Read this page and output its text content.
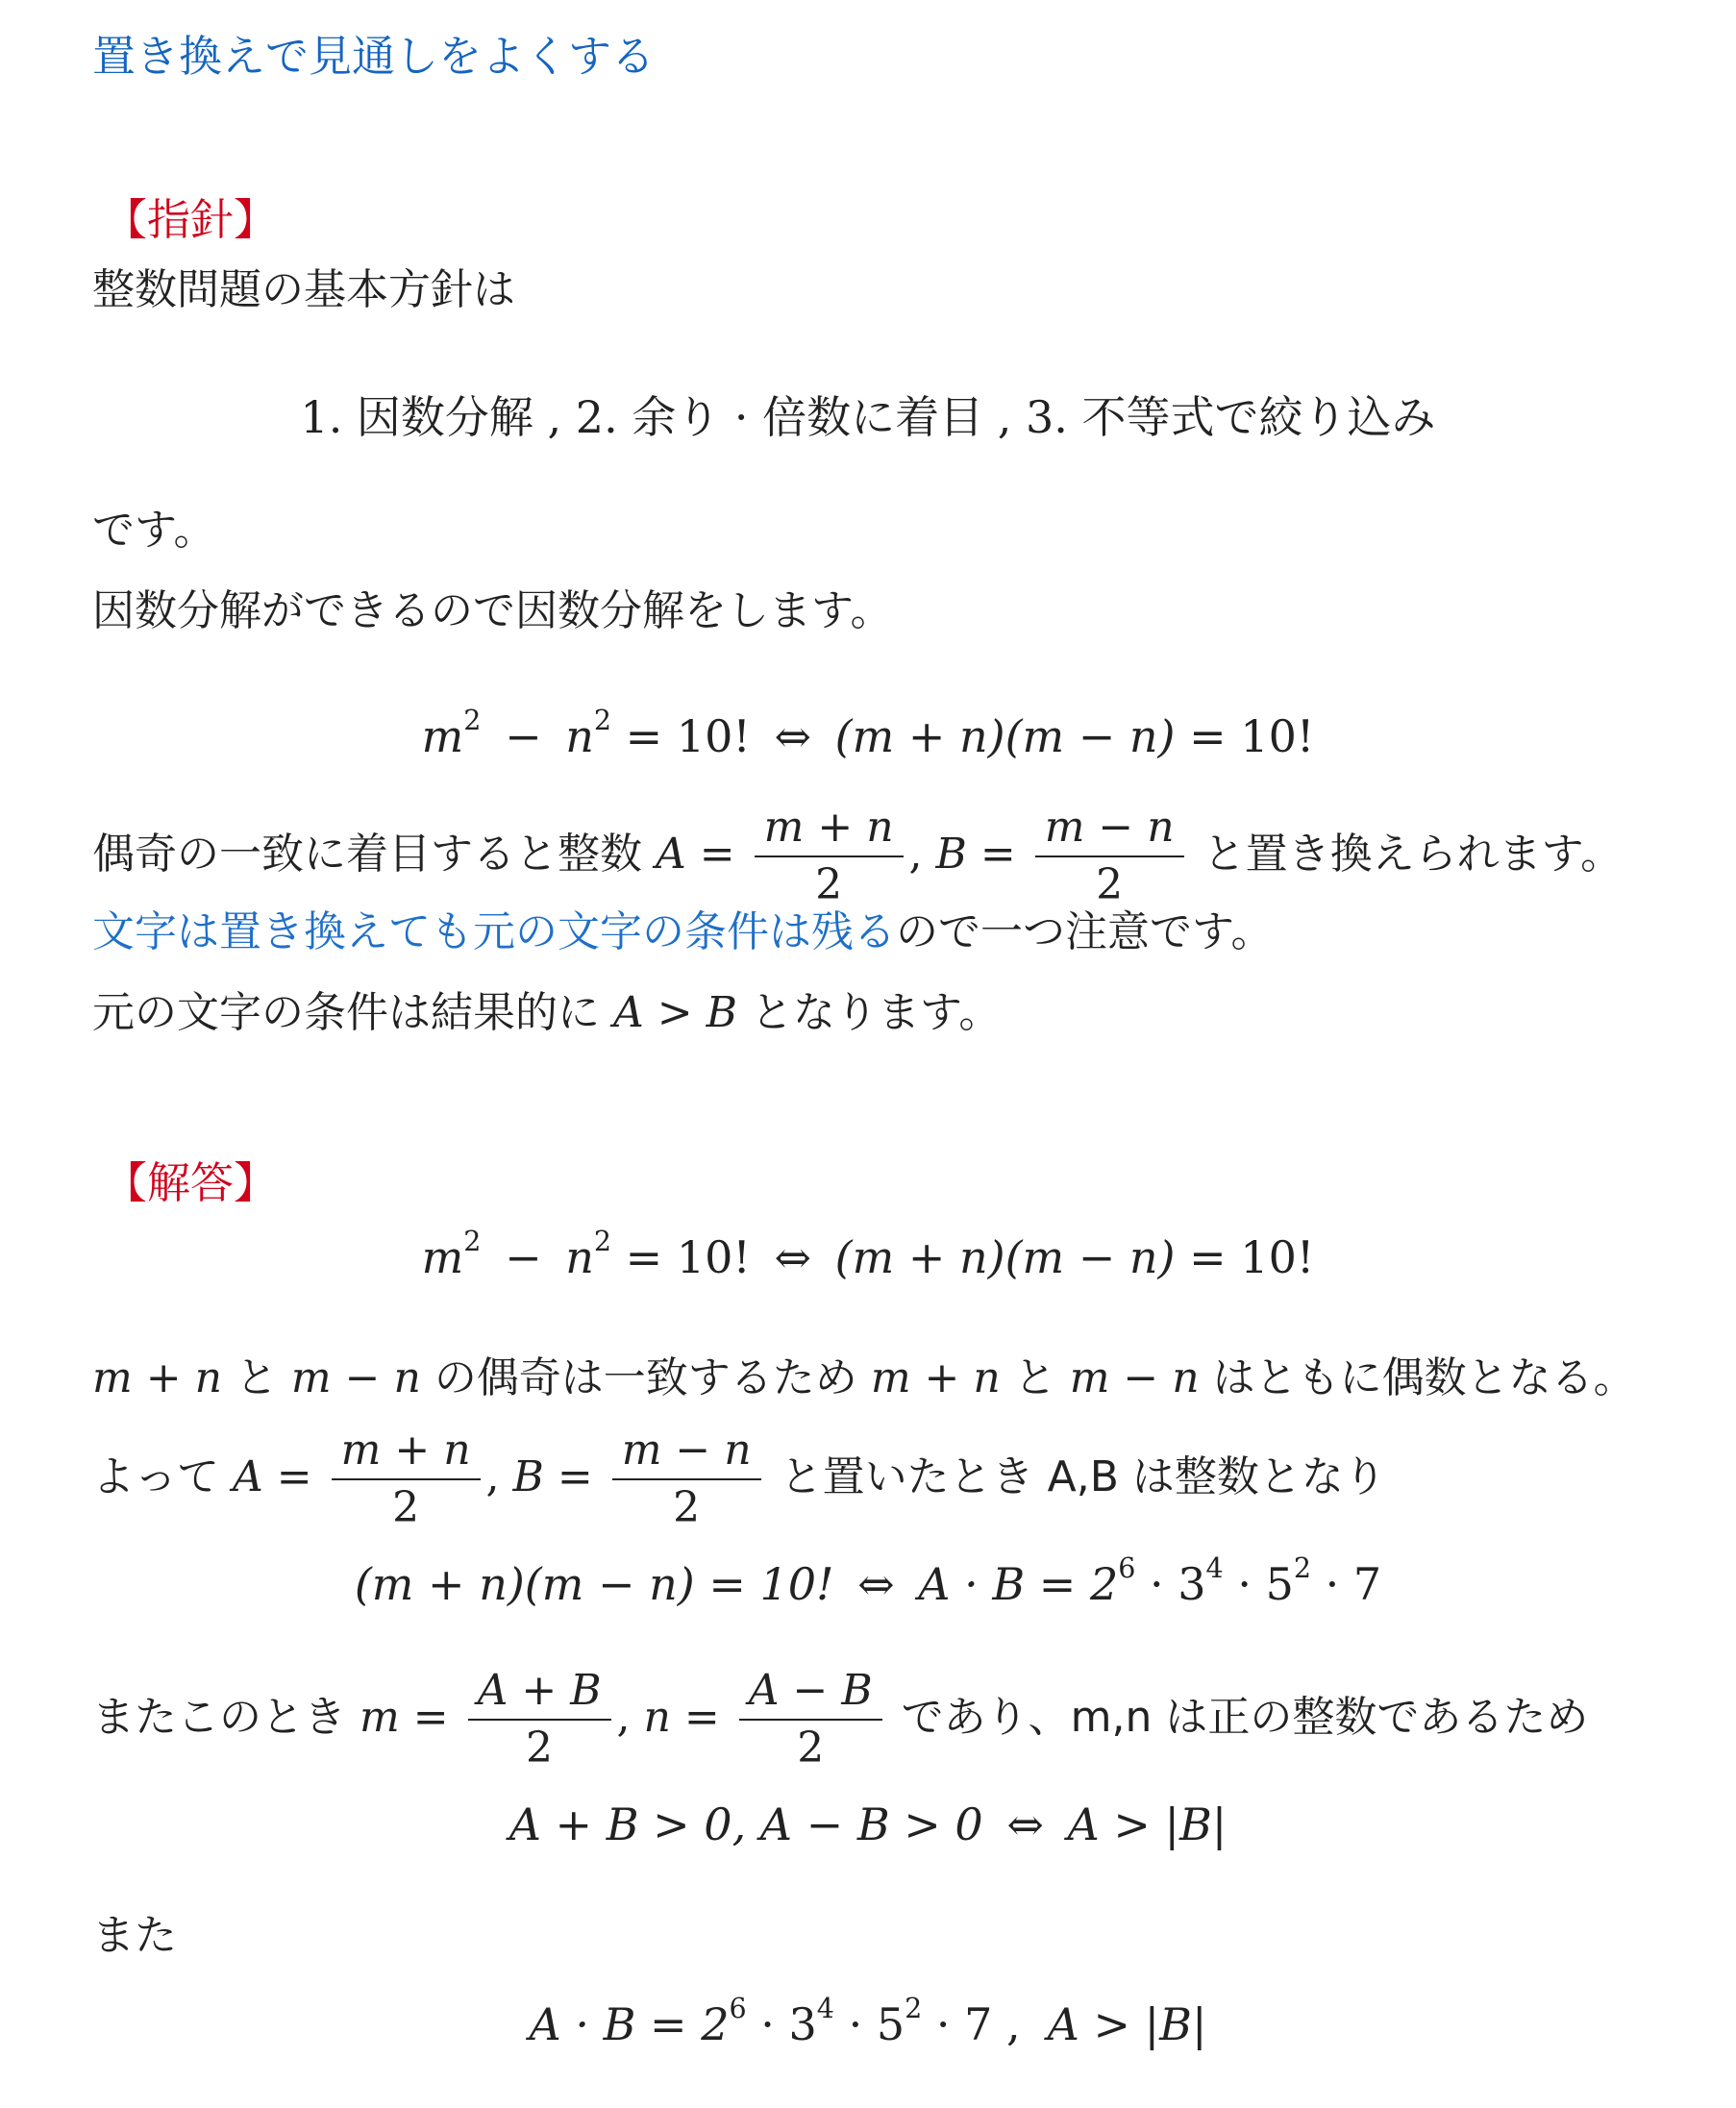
置き換えで見通しをよくする
【指針】
整数問題の基本方針は
1. 因数分解 , 2. 余り · 倍数に着目 , 3. 不等式で絞り込み
です。
因数分解ができるので因数分解をします。
$m^2 - n^2 = 10$! ⇔ (m + n)(m − n) = 10!
偶奇の一致に着目すると整数 $A = \frac{m + n}{2}$ , $B = \frac{m - n}{2}$ と置き換えられます。
文字は置き換えても元の文字の条件は残るので一つ注意です。
元の文字の条件は結果的に A > B となります。
【解答】
$m^2 - n^2 = 10$! ⇔ (m + n)(m − n) = 10!
m + n と m − n の偶奇は一致するため m + n と m − n はともに偶数となる。
よって $A = \frac{m + n}{2}$ , $B = \frac{m - n}{2}$ と置いたとき A,B は整数となり
(m + n)(m − n) = 10! ⇔ $A \cdot B = 2^6 \cdot 3^4 \cdot 5^2 \cdot 7$
またこのとき $m = \frac{A + B}{2}$ , $n = \frac{A - B}{2}$ であり、m,n は正の整数であるため
A + B > 0, A − B > 0 ⇔ A > |B|
また
$A \cdot B = 2^6 \cdot 3^4 \cdot 5^2 \cdot 7$ , A > |B|
